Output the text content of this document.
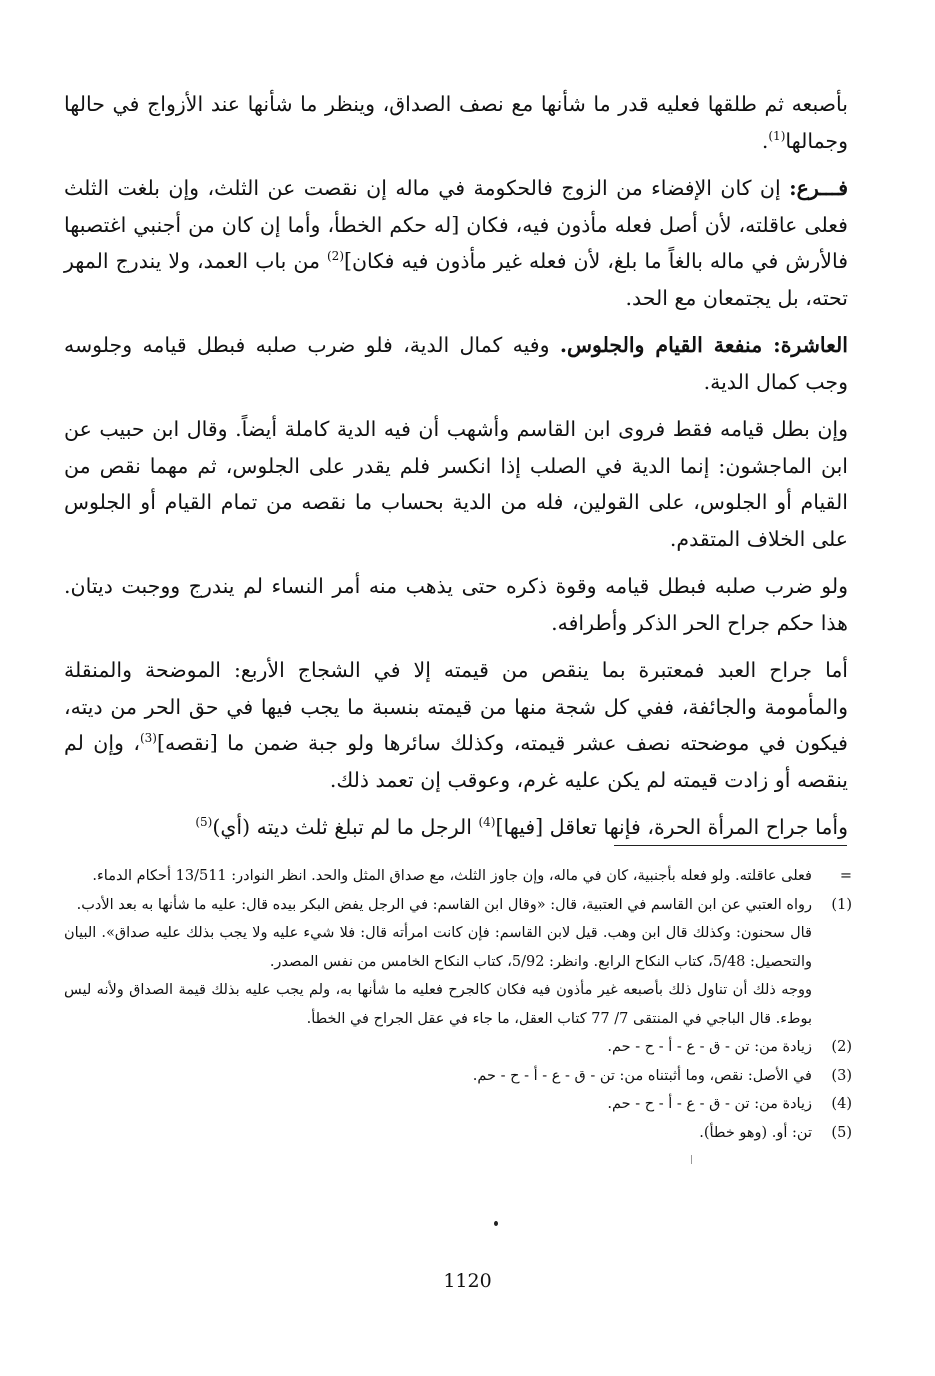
بأصبعه ثم طلقها فعليه قدر ما شأنها مع نصف الصداق، وينظر ما شأنها عند الأزواج في حالها وجمالها$^{(1)}$.

فـــرع: إن كان الإفضاء من الزوج فالحكومة في ماله إن نقصت عن الثلث، وإن بلغت الثلث فعلى عاقلته، لأن أصل فعله مأذون فيه، فكان [له حكم الخطأ، وأما إن كان من أجنبي اغتصبها فالأرش في ماله بالغاً ما بلغ، لأن فعله غير مأذون فيه فكان]$^{(2)}$ من باب العمد، ولا يندرج المهر تحته، بل يجتمعان مع الحد.

العاشرة: منفعة القيام والجلوس. وفيه كمال الدية، فلو ضرب صلبه فبطل قيامه وجلوسه وجب كمال الدية.

وإن بطل قيامه فقط فروى ابن القاسم وأشهب أن فيه الدية كاملة أيضاً. وقال ابن حبيب عن ابن الماجشون: إنما الدية في الصلب إذا انكسر فلم يقدر على الجلوس، ثم مهما نقص من القيام أو الجلوس، على القولين، فله من الدية بحساب ما نقصه من تمام القيام أو الجلوس على الخلاف المتقدم.

ولو ضرب صلبه فبطل قيامه وقوة ذكره حتى يذهب منه أمر النساء لم يندرج ووجبت ديتان. هذا حكم جراح الحر الذكر وأطرافه.

أما جراح العبد فمعتبرة بما ينقص من قيمته إلا في الشجاج الأربع: الموضحة والمنقلة والمأمومة والجائفة، ففي كل شجة منها من قيمته بنسبة ما يجب فيها في حق الحر من ديته، فيكون في موضحته نصف عشر قيمته، وكذلك سائرها ولو جبة ضمن ما [نقصه]$^{(3)}$، وإن لم ينقصه أو زادت قيمته لم يكن عليه غرم، وعوقب إن تعمد ذلك.

وأما جراح المرأة الحرة، فإنها تعاقل [فيها]$^{(4)}$ الرجل ما لم تبلغ ثلث ديته (أي)$^{(5)}$

=
فعلى عاقلته. ولو فعله بأجنبية، كان في ماله، وإن جاوز الثلث، مع صداق المثل والحد. انظر النوادر: 13/511 أحكام الدماء.
(1)
رواه العتبي عن ابن القاسم في العتبية، قال: «وقال ابن القاسم: في الرجل يفض البكر بيده قال: عليه ما شأنها به بعد الأدب.
قال سحنون: وكذلك قال ابن وهب. قيل لابن القاسم: فإن كانت امرأته قال: فلا شيء عليه ولا يجب بذلك عليه صداق». البيان والتحصيل: 5/48، كتاب النكاح الرابع. وانظر: 5/92، كتاب النكاح الخامس من نفس المصدر.
ووجه ذلك أن تناول ذلك بأصبعه غير مأذون فيه فكان كالجرح فعليه ما شأنها به، ولم يجب عليه بذلك قيمة الصداق ولأنه ليس بوطء. قال الباجي في المنتقى 7/ 77 كتاب العقل، ما جاء في عقل الجراح في الخطأ.
(2)
زيادة من: تن - ق - ع - أ - ح - حم.
(3)
في الأصل: نقص، وما أثبتناه من: تن - ق - ع - أ - ح - حم.
(4)
زيادة من: تن - ق - ع - أ - ح - حم.
(5)
تن: أو. (وهو خطأ).
1120
